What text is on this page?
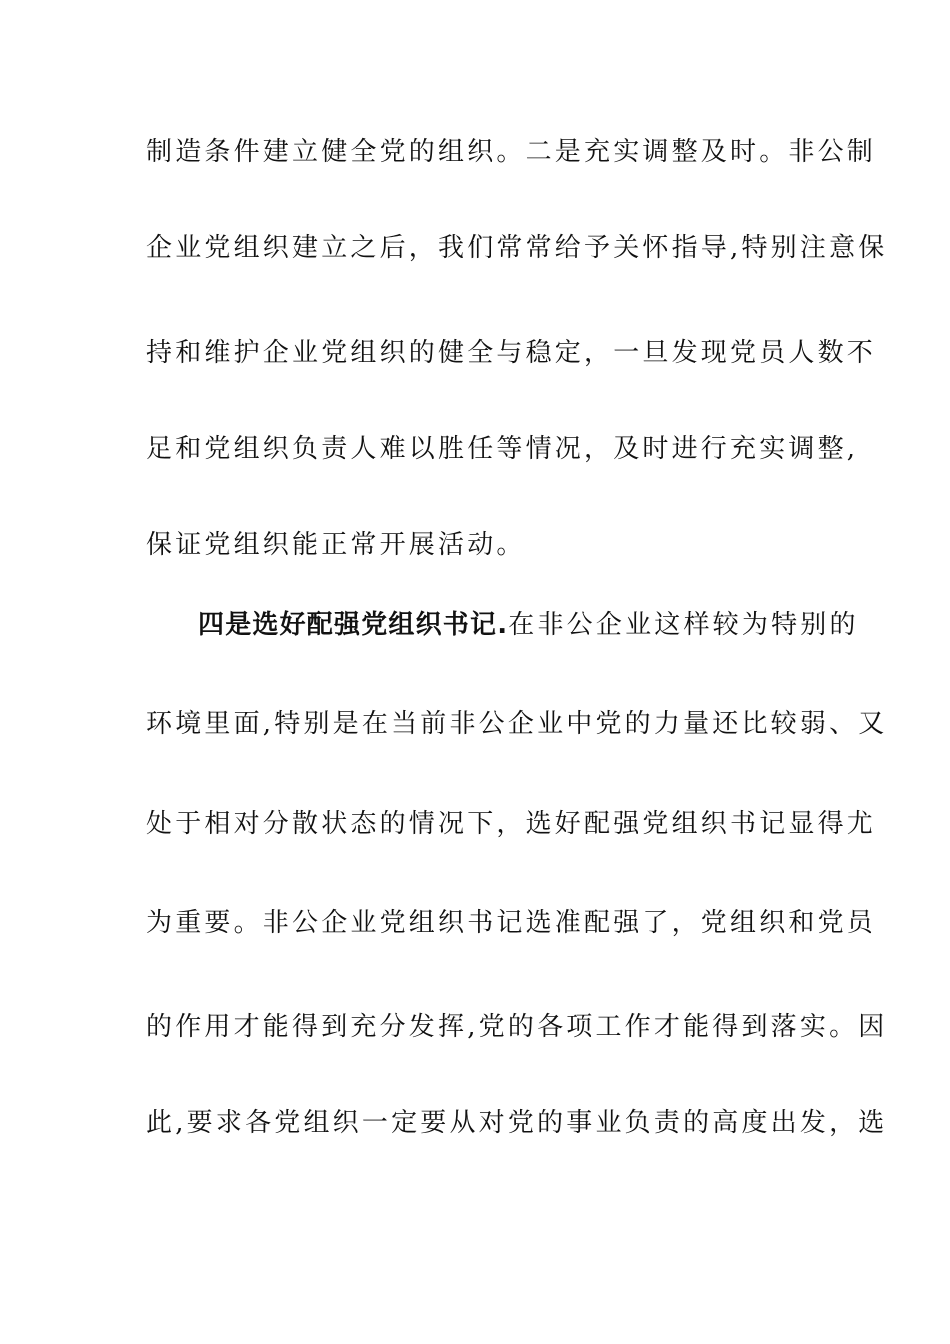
制造条件建立健全党的组织。二是充实调整及时。非公制
企业党组织建立之后，我们常常给予关怀指导,特别注意保
持和维护企业党组织的健全与稳定，一旦发现党员人数不
足和党组织负责人难以胜任等情况，及时进行充实调整,
保证党组织能正常开展活动。
四是选好配强党组织书记.在非公企业这样较为特别的
环境里面,特别是在当前非公企业中党的力量还比较弱、又
处于相对分散状态的情况下，选好配强党组织书记显得尤
为重要。非公企业党组织书记选准配强了，党组织和党员
的作用才能得到充分发挥,党的各项工作才能得到落实。因
此,要求各党组织一定要从对党的事业负责的高度出发，选
